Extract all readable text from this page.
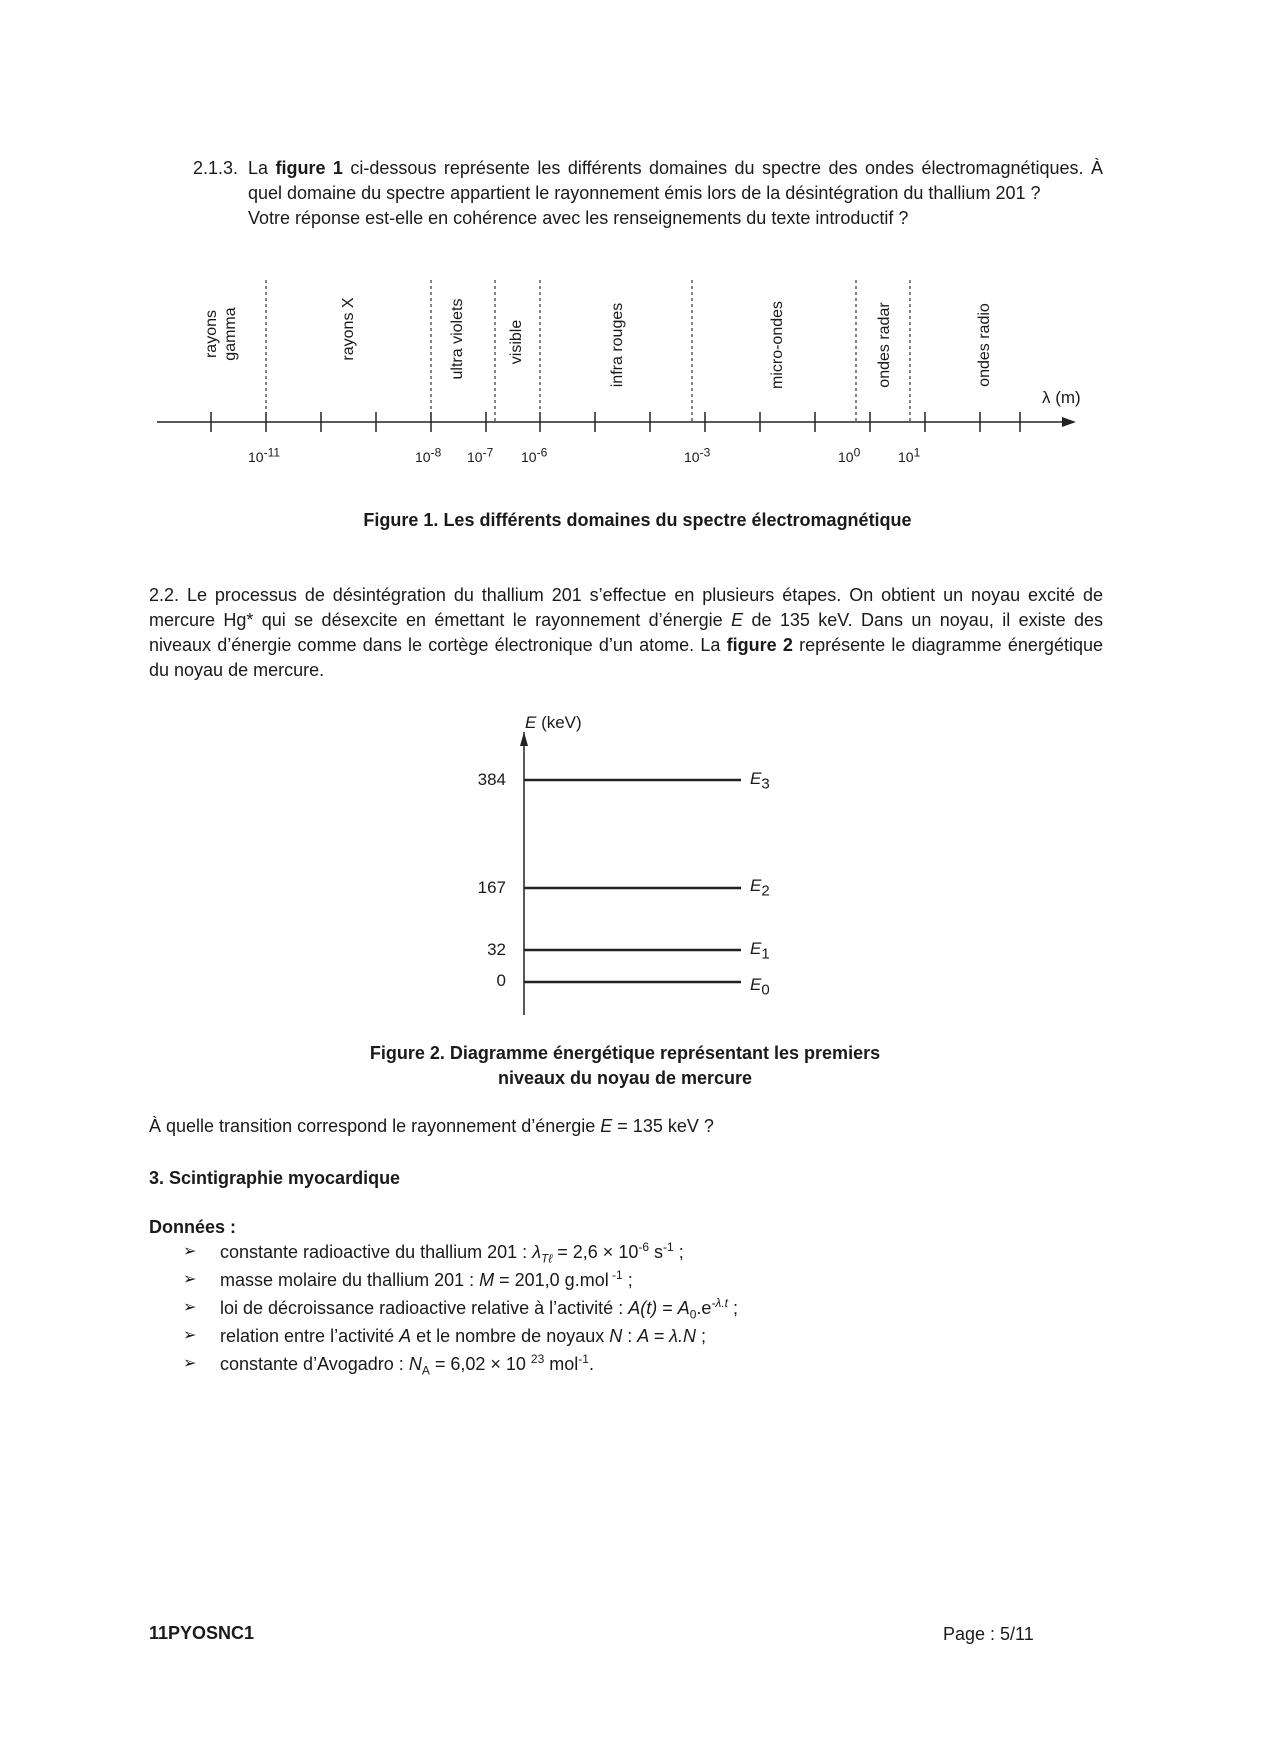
2.1.3. La figure 1 ci-dessous représente les différents domaines du spectre des ondes électromagnétiques. À quel domaine du spectre appartient le rayonnement émis lors de la désintégration du thallium 201 ?
Votre réponse est-elle en cohérence avec les renseignements du texte introductif ?
rayons gamma	rayons X	ultra violets	visible	infra rouges	micro-ondes	ondes radar	ondes radio
λ (m)
$10^{-11}$	$10^{-8}$ $10^{-7}$ $10^{-6}$	$10^{-3}$	$10^0$	$10^1$
Figure 1. Les différents domaines du spectre électromagnétique
2.2. Le processus de désintégration du thallium 201 s’effectue en plusieurs étapes. On obtient un noyau excité de mercure Hg* qui se désexcite en émettant le rayonnement d’énergie E de 135 keV. Dans un noyau, il existe des niveaux d’énergie comme dans le cortège électronique d’un atome. La figure 2 représente le diagramme énergétique du noyau de mercure.
E (keV)
384
167
32
0
$E_3$
$E_2$
$E_1$
$E_0$
Figure 2. Diagramme énergétique représentant les premiers
niveaux du noyau de mercure
À quelle transition correspond le rayonnement d’énergie E = 135 keV ?
3. Scintigraphie myocardique
Données :
➢ constante radioactive du thallium 201 : $\lambda_{T\ell} = 2,6 \times 10^{-6}$ $s^{-1}$ ;
➢ masse molaire du thallium 201 : M = 201,0 g.mol $^{-1}$ ;
➢ loi de décroissance radioactive relative à l’activité : $A(t) = A_0.e^{-\lambda.t}$ ;
➢ relation entre l’activité A et le nombre de noyaux N : A = λ.N ;
➢ constante d’Avogadro : $N_A = 6,02 \times 10$ $^{23}$ mol$^{-1}$.
11PYOSNC1	Page : 5/11
